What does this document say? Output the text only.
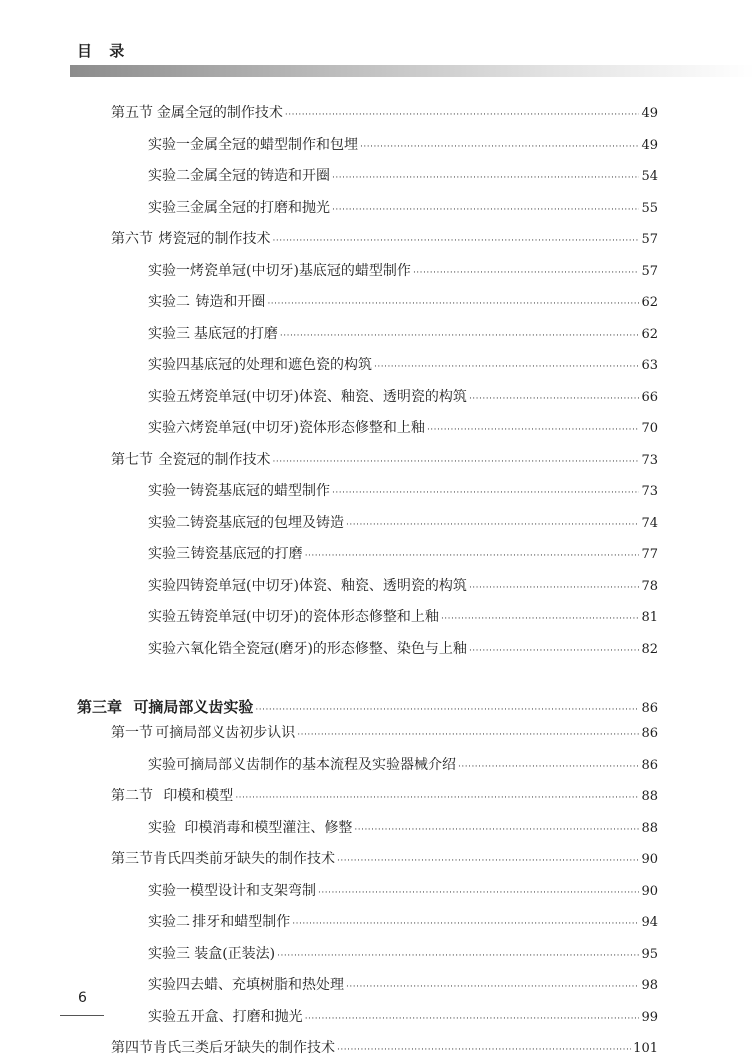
目 录
第五节 金属全冠的制作技术 ·····	49
实验一 金属全冠的蜡型制作和包埋 ·····	49
实验二 金属全冠的铸造和开圈 ·····	54
实验三 金属全冠的打磨和抛光 ·····	55
第六节 烤瓷冠的制作技术 ·····	57
实验一 烤瓷单冠(中切牙)基底冠的蜡型制作 ·····	57
实验二 铸造和开圈 ·····	62
实验三 基底冠的打磨 ·····	62
实验四 基底冠的处理和遮色瓷的构筑 ·····	63
实验五 烤瓷单冠(中切牙)体瓷、釉瓷、透明瓷的构筑 ·····	66
实验六 烤瓷单冠(中切牙)瓷体形态修整和上釉 ·····	70
第七节 全瓷冠的制作技术 ·····	73
实验一 铸瓷基底冠的蜡型制作 ·····	73
实验二 铸瓷基底冠的包埋及铸造 ·····	74
实验三 铸瓷基底冠的打磨 ·····	77
实验四 铸瓷单冠(中切牙)体瓷、釉瓷、透明瓷的构筑 ·····	78
实验五 铸瓷单冠(中切牙)的瓷体形态修整和上釉 ·····	81
实验六 氧化锆全瓷冠(磨牙)的形态修整、染色与上釉 ·····	82
第三章 可摘局部义齿实验 ·····	86
第一节 可摘局部义齿初步认识 ·····	86
实验 可摘局部义齿制作的基本流程及实验器械介绍 ·····	86
第二节 印模和模型 ·····	88
实验 印模消毒和模型灌注、修整 ·····	88
第三节 肯氏四类前牙缺失的制作技术 ·····	90
实验一 模型设计和支架弯制 ·····	90
实验二 排牙和蜡型制作 ·····	94
实验三 装盒(正装法) ·····	95
实验四 去蜡、充填树脂和热处理 ·····	98
实验五 开盒、打磨和抛光 ·····	99
第四节 肯氏三类后牙缺失的制作技术 ·····	101
6
